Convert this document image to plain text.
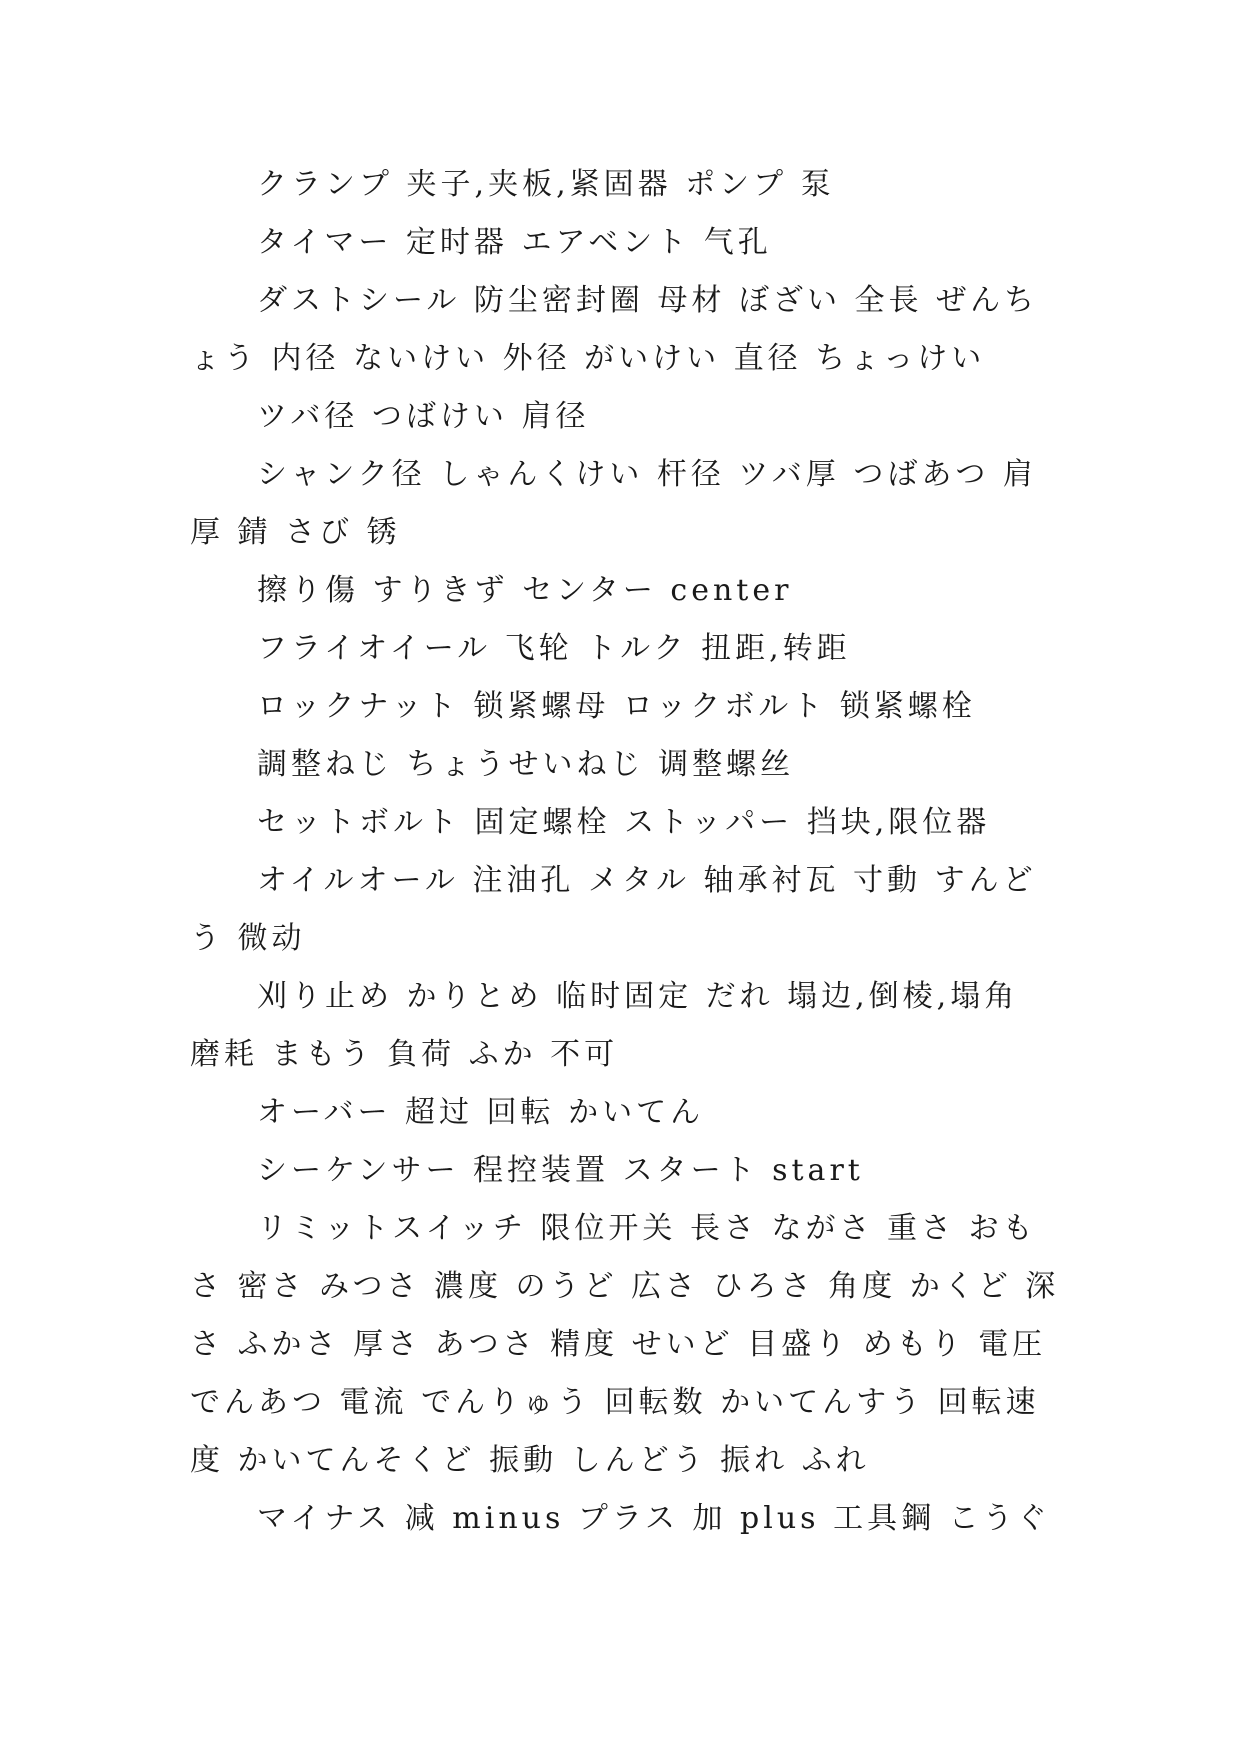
クランプ 夹子,夹板,紧固器 ポンプ 泵

タイマー 定时器 エアベント 气孔

ダストシール 防尘密封圈 母材 ぼざい 全長 ぜんちょう 内径 ないけい 外径 がいけい 直径 ちょっけい

ツバ径 つばけい 肩径

シャンク径 しゃんくけい 杆径 ツバ厚 つばあつ 肩厚 錆 さび 锈

擦り傷 すりきず センター center

フライオイール 飞轮 トルク 扭距,转距

ロックナット 锁紧螺母 ロックボルト 锁紧螺栓

調整ねじ ちょうせいねじ 调整螺丝

セットボルト 固定螺栓 ストッパー 挡块,限位器

オイルオール 注油孔 メタル 轴承衬瓦 寸動 すんどう 微动

刈り止め かりとめ 临时固定 だれ 塌边,倒棱,塌角 磨耗 まもう 負荷 ふか 不可

オーバー 超过 回転 かいてん

シーケンサー 程控装置 スタート start

リミットスイッチ 限位开关 長さ ながさ 重さ おもさ 密さ みつさ 濃度 のうど 広さ ひろさ 角度 かくど 深さ ふかさ 厚さ あつさ 精度 せいど 目盛り めもり 電圧 でんあつ 電流 でんりゅう 回転数 かいてんすう 回転速度 かいてんそくど 振動 しんどう 振れ ふれ

マイナス 减 minus プラス 加 plus 工具鋼 こうぐ
